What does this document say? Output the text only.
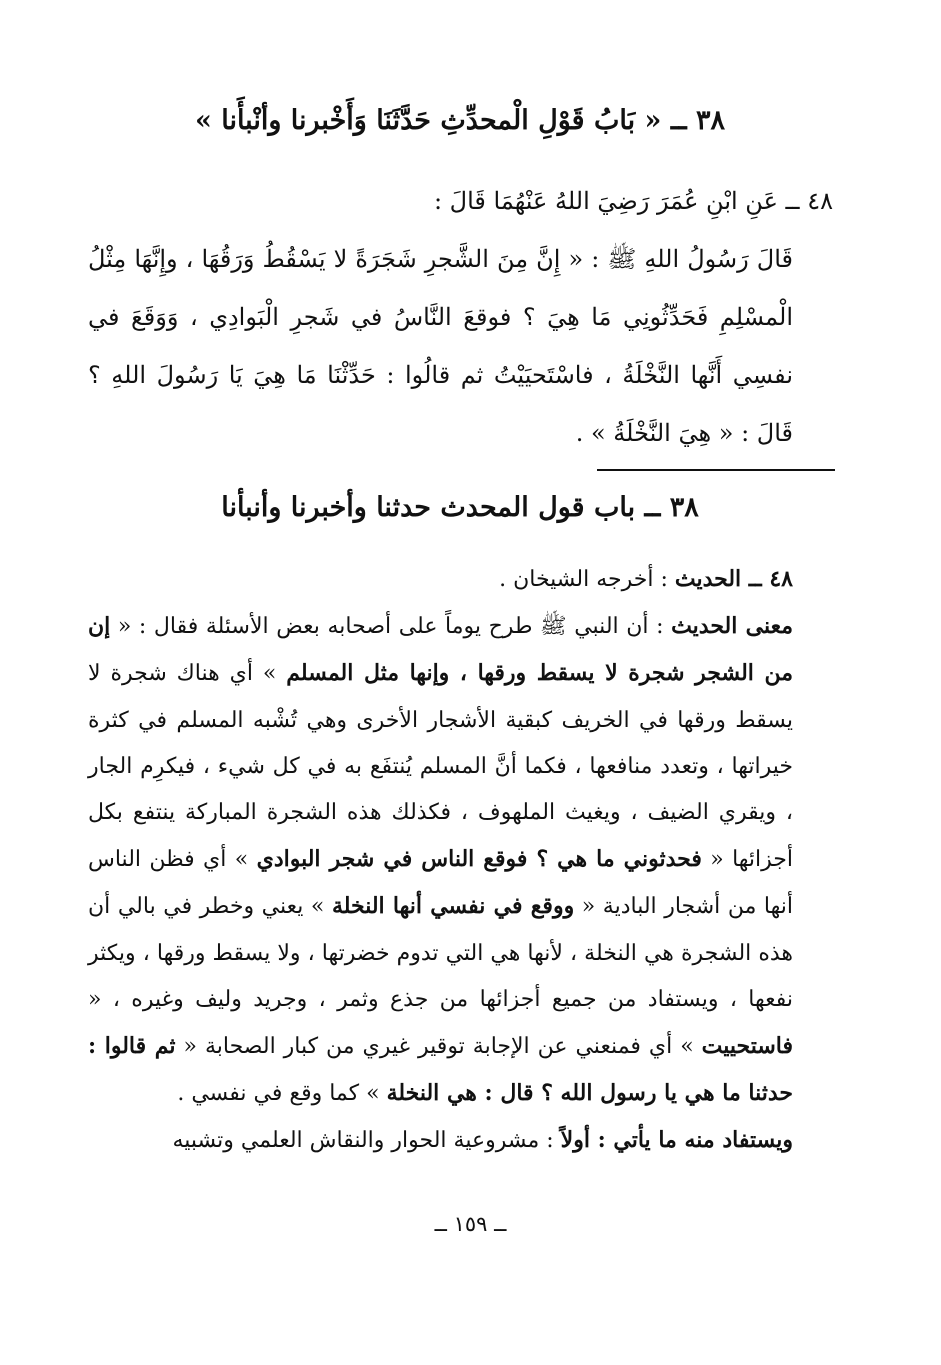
٣٨ ــ « بَابُ قَوْلِ الْمحدِّثِ حَدَّثَنَا وَأَخْبرنا وأنْبأَنا »

٤٨ ــ عَنِ ابْنِ عُمَرَ رَضِيَ اللهُ عَنْهُمَا قَالَ :

قَالَ رَسُولُ اللهِ ﷺ : « إِنَّ مِنَ الشَّجرِ شَجَرَةً لا يَسْقُطُ وَرَقُهَا ، وإِنَّهَا مِثْلُ الْمسْلِمِ فَحَدِّثُونِي مَا هِيَ ؟ فوقعَ النَّاسُ في شَجرِ الْبَوادِي ، وَوَقَعَ في نفسِي أَنَّها النَّخْلَةُ ، فاسْتَحيَيْتُ ثم قالُوا : حَدِّثْنَا مَا هِيَ يَا رَسُولَ اللهِ ؟ قَالَ : « هِيَ النَّخْلَةُ » .

٣٨ ــ باب قول المحدث حدثنا وأخبرنا وأنبأنا

٤٨ ــ الحديث : أخرجه الشيخان .

معنى الحديث : أن النبي ﷺ طرح يوماً على أصحابه بعض الأسئلة فقال : « إن من الشجر شجرة لا يسقط ورقها ، وإنها مثل المسلم » أي هناك شجرة لا يسقط ورقها في الخريف كبقية الأشجار الأخرى وهي تُشْبه المسلم في كثرة خيراتها ، وتعدد منافعها ، فكما أنَّ المسلم يُنتفَع به في كل شيء ، فيكرِم الجار ، ويقري الضيف ، ويغيث الملهوف ، فكذلك هذه الشجرة المباركة ينتفع بكل أجزائها « فحدثوني ما هي ؟ فوقع الناس في شجر البوادي » أي فظن الناس أنها من أشجار البادية « ووقع في نفسي أنها النخلة » يعني وخطر في بالي أن هذه الشجرة هي النخلة ، لأنها هي التي تدوم خضرتها ، ولا يسقط ورقها ، ويكثر نفعها ، ويستفاد من جميع أجزائها من جذع وثمر ، وجريد وليف وغيره ، « فاستحييت » أي فمنعني عن الإجابة توقير غيري من كبار الصحابة « ثم قالوا : حدثنا ما هي يا رسول الله ؟ قال : هي النخلة » كما وقع في نفسي .

ويستفاد منه ما يأتي : أولاً : مشروعية الحوار والنقاش العلمي وتشبيه

ــ ١٥٩ ــ
